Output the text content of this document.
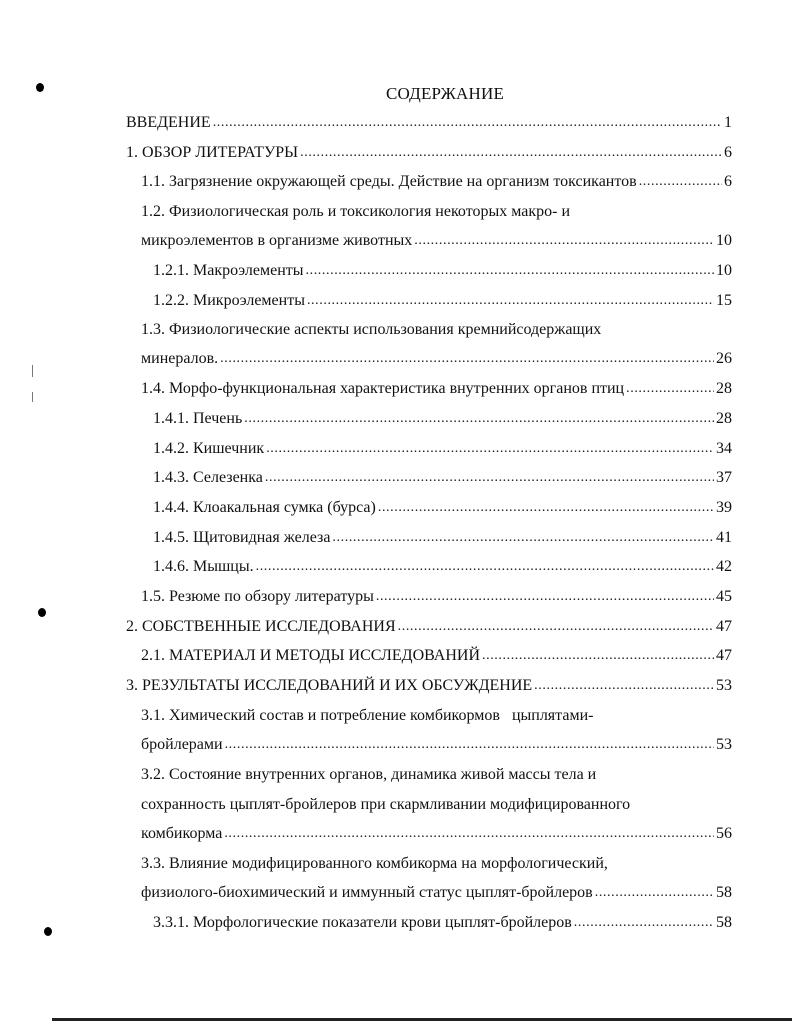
СОДЕРЖАНИЕ
ВВЕДЕНИЕ .....	1
1. ОБЗОР ЛИТЕРАТУРЫ .....	6
1.1. Загрязнение окружающей среды. Действие на организм токсикантов .....	6
1.2. Физиологическая роль и токсикология некоторых макро- и
микроэлементов в организме животных .....	10
1.2.1. Макроэлементы .....	10
1.2.2. Микроэлементы .....	15
1.3. Физиологические аспекты использования кремнийсодержащих
минералов. .....	26
1.4. Морфо-функциональная характеристика внутренних органов птиц .....	28
1.4.1. Печень .....	28
1.4.2. Кишечник .....	34
1.4.3. Селезенка .....	37
1.4.4. Клоакальная сумка (бурса) .....	39
1.4.5. Щитовидная железа .....	41
1.4.6. Мышцы. .....	42
1.5. Резюме по обзору литературы .....	45
2. СОБСТВЕННЫЕ ИССЛЕДОВАНИЯ .....	47
2.1. МАТЕРИАЛ И МЕТОДЫ ИССЛЕДОВАНИЙ .....	47
3. РЕЗУЛЬТАТЫ ИССЛЕДОВАНИЙ И ИХ ОБСУЖДЕНИЕ .....	53
3.1. Химический состав и потребление комбикормов   цыплятами-
бройлерами .....	53
3.2. Состояние внутренних органов, динамика живой массы тела и
сохранность цыплят-бройлеров при скармливании модифицированного
комбикорма .....	56
3.3. Влияние модифицированного комбикорма на морфологический,
физиолого-биохимический и иммунный статус цыплят-бройлеров .....	58
3.3.1. Морфологические показатели крови цыплят-бройлеров .....	58
